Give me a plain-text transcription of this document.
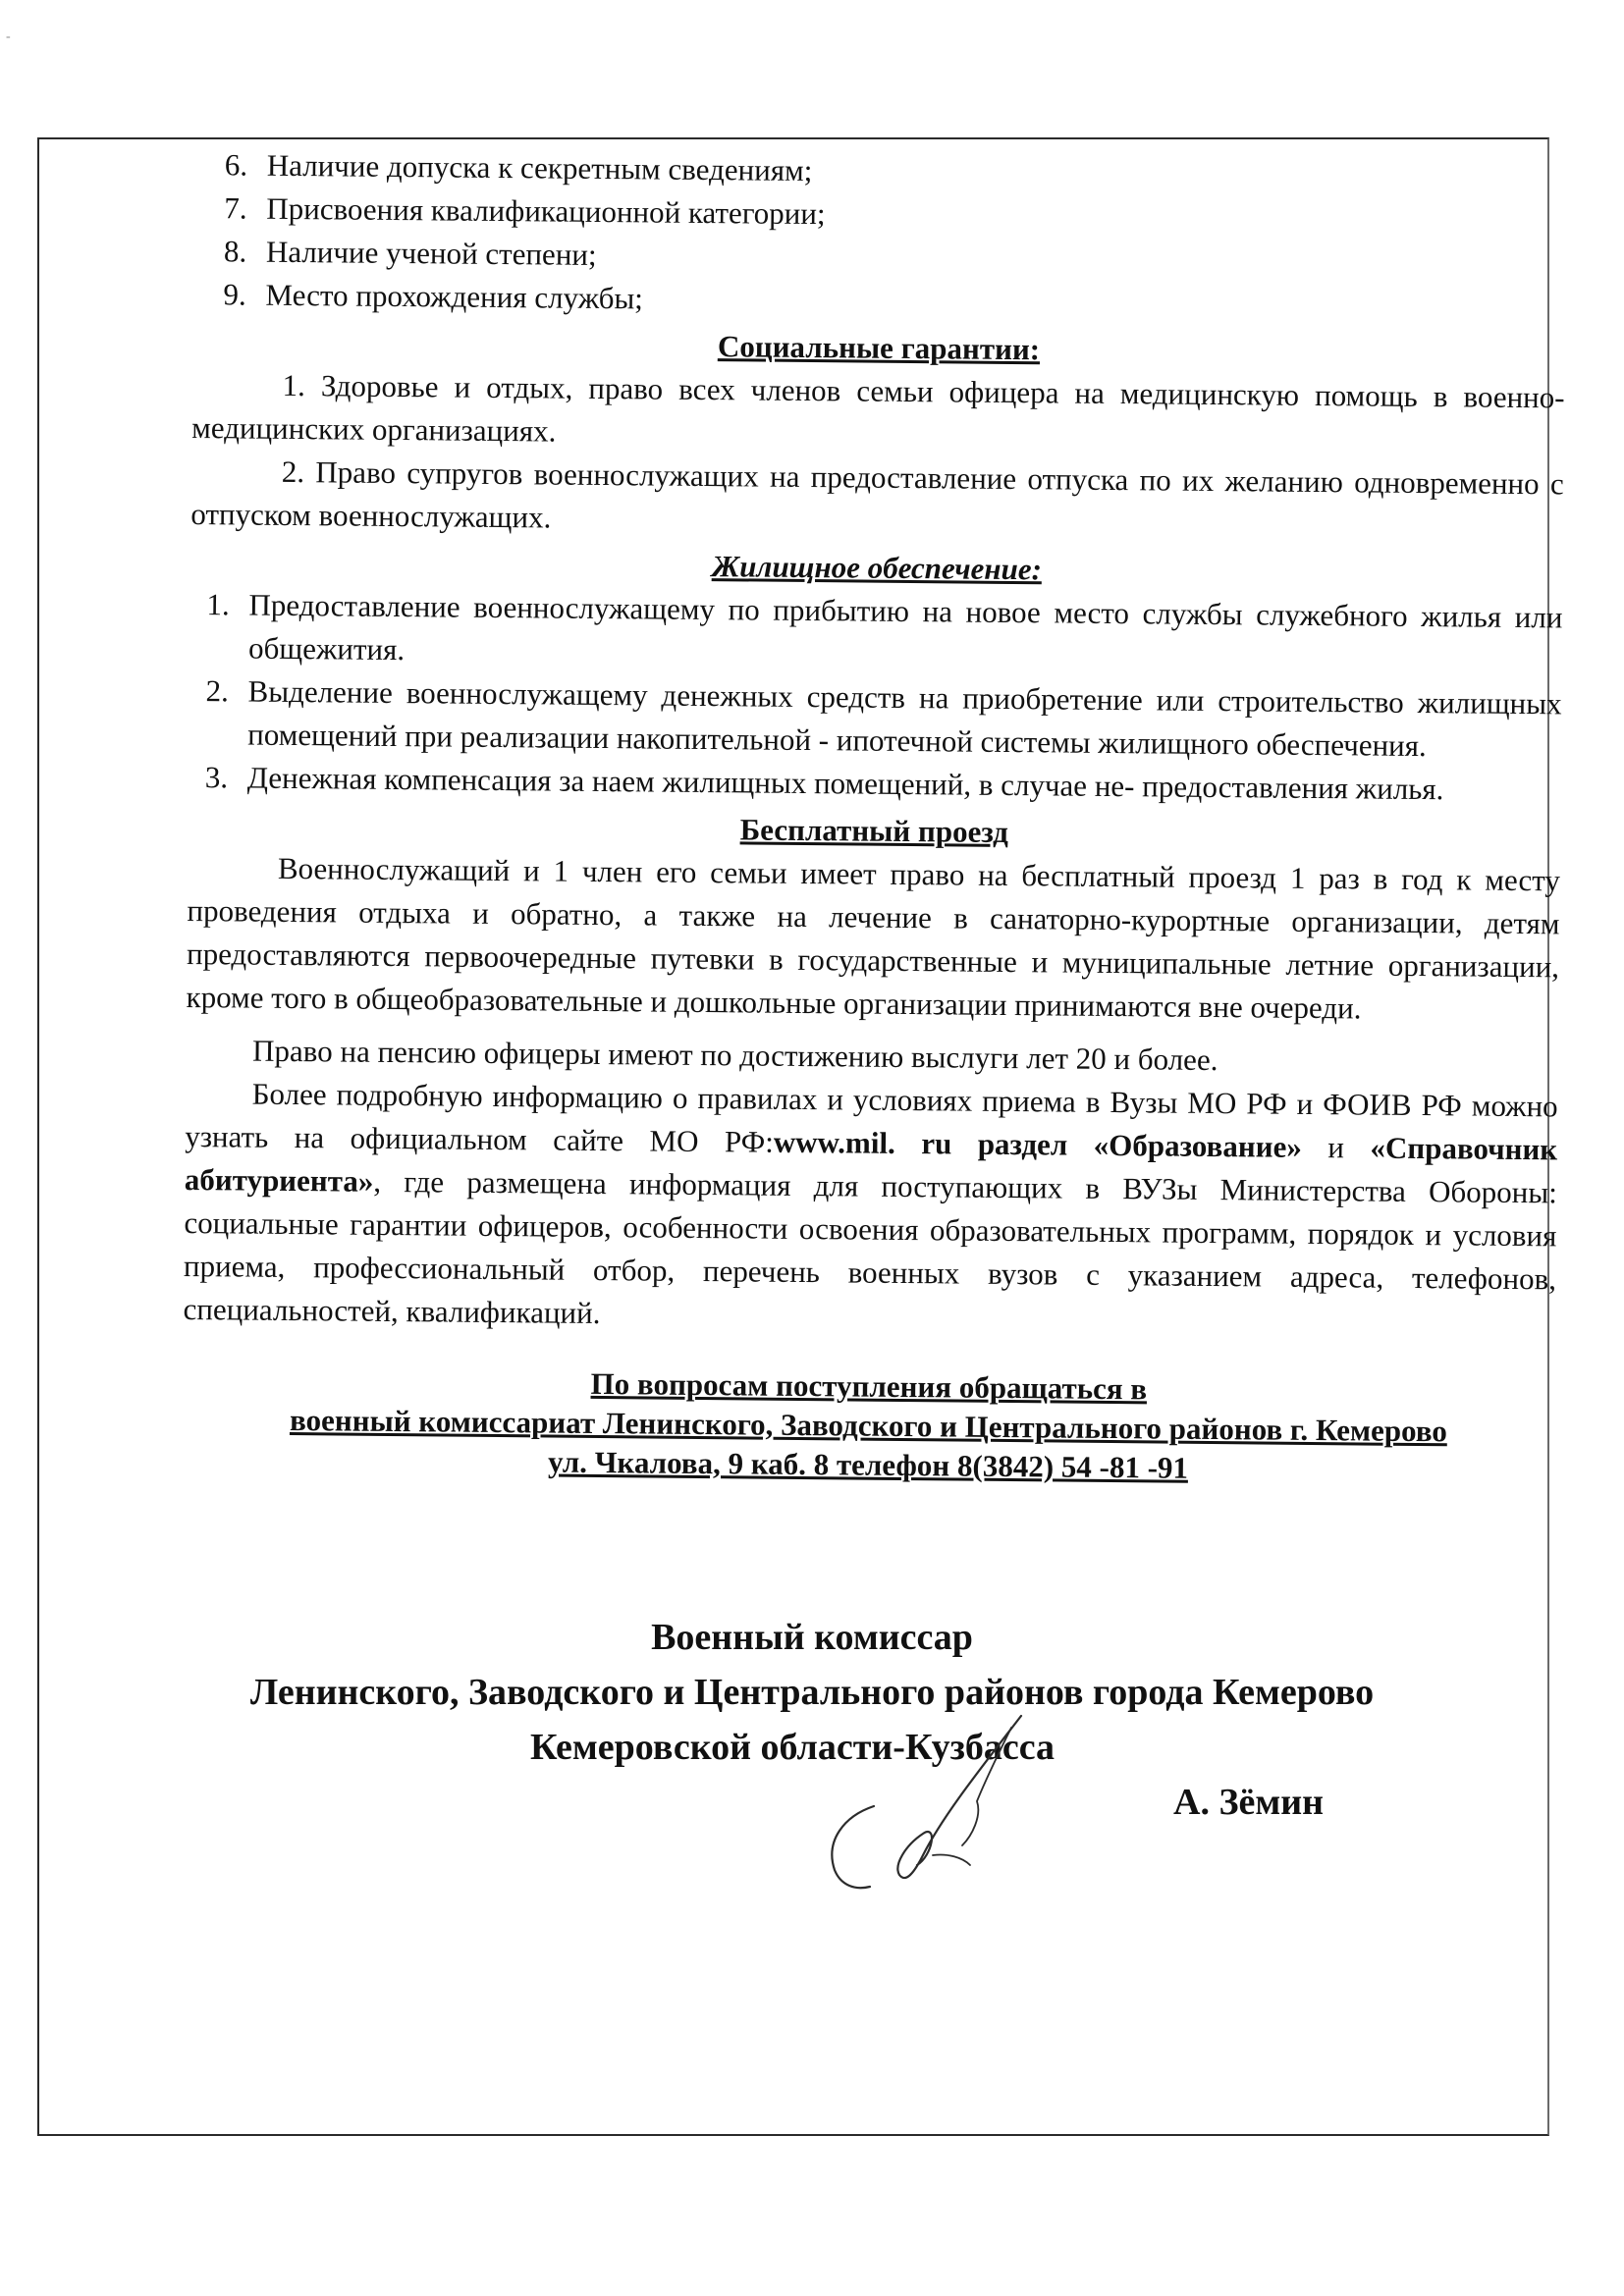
‐
6. Наличие допуска к секретным сведениям;
7. Присвоения квалификационной категории;
8. Наличие ученой степени;
9. Место прохождения службы;
Социальные гарантии:

1. Здоровье и отдых, право всех членов семьи офицера на медицинскую помощь в военно-медицинских организациях.

2. Право супругов военнослужащих на предоставление отпуска по их желанию одновременно с отпуском военнослужащих.

Жилищное обеспечение:
1. Предоставление военнослужащему по прибытию на новое место службы служебного жилья или общежития.
2. Выделение военнослужащему денежных средств на приобретение или строительство жилищных помещений при реализации накопительной - ипотечной системы жилищного обеспечения.
3. Денежная компенсация за наем жилищных помещений, в случае не- предоставления жилья.
Бесплатный проезд

Военнослужащий и 1 член его семьи имеет право на бесплатный проезд 1 раз в год к месту проведения отдыха и обратно, а также на лечение в санаторно-курортные организации, детям предоставляются первоочередные путевки в государственные и муниципальные летние организации, кроме того в общеобразовательные и дошкольные организации принимаются вне очереди.

Право на пенсию офицеры имеют по достижению выслуги лет 20 и более.

Более подробную информацию о правилах и условиях приема в Вузы МО РФ и ФОИВ РФ можно узнать на официальном сайте МО РФ:www.mil. ru раздел «Образование» и «Справочник абитуриента», где размещена информация для поступающих в ВУЗы Министерства Обороны: социальные гарантии офицеров, особенности освоения образовательных программ, порядок и условия приема, профессиональный отбор, перечень военных вузов с указанием адреса, телефонов, специальностей, квалификаций.

По вопросам поступления обращаться в
военный комиссариат Ленинского, Заводского и Центрального районов г. Кемерово
ул. Чкалова, 9 каб. 8 телефон 8(3842) 54 -81 -91
Военный комиссар
Ленинского, Заводского и Центрального районов города Кемерово
Кемеровской области-Кузбасса
А. Зёмин
